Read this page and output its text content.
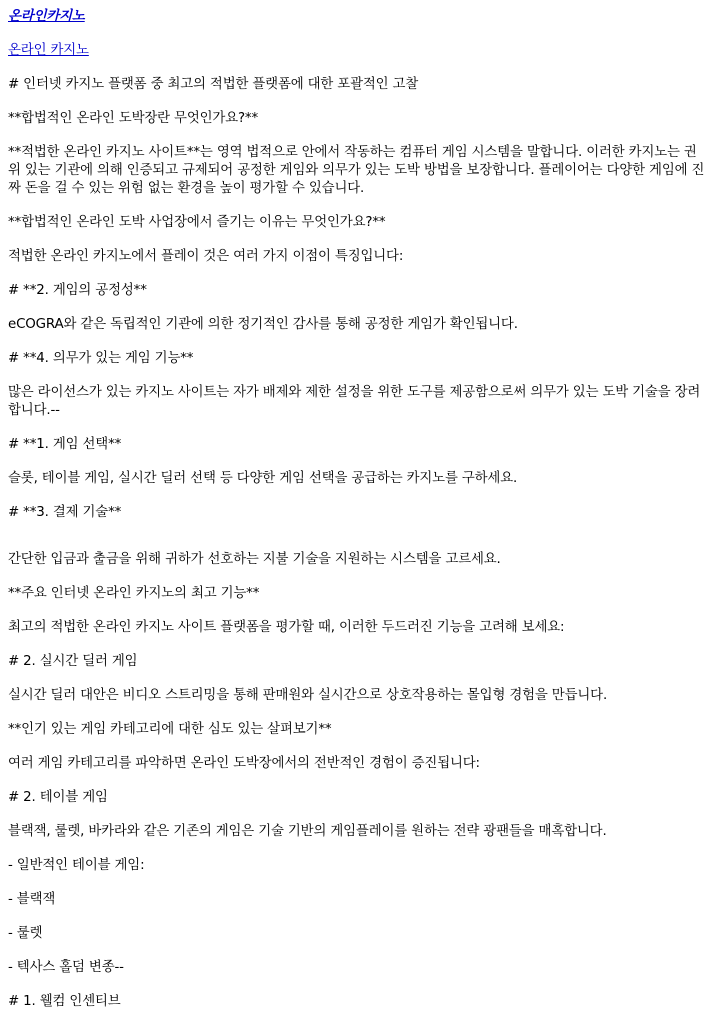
온라인카지노
온라인 카지노

# 인터넷 카지노 플랫폼 중 최고의 적법한 플랫폼에 대한 포괄적인 고찰

**합법적인 온라인 도박장란 무엇인가요?**

**적법한 온라인 카지노 사이트**는 영역 법적으로 안에서 작동하는 컴퓨터 게임 시스템을 말합니다. 이러한 카지노는 권위 있는 기관에 의해 인증되고 규제되어 공정한 게임와 의무가 있는 도박 방법을 보장합니다. 플레이어는 다양한 게임에 진짜 돈을 걸 수 있는 위험 없는 환경을 높이 평가할 수 있습니다.

**합법적인 온라인 도박 사업장에서 즐기는 이유는 무엇인가요?**

적법한 온라인 카지노에서 플레이 것은 여러 가지 이점이 특징입니다:

# **2. 게임의 공정성**

eCOGRA와 같은 독립적인 기관에 의한 정기적인 감사를 통해 공정한 게임가 확인됩니다.

# **4. 의무가 있는 게임 기능**

많은 라이선스가 있는 카지노 사이트는 자가 배제와 제한 설정을 위한 도구를 제공함으로써 의무가 있는 도박 기술을 장려합니다.--

# **1. 게임 선택**

슬롯, 테이블 게임, 실시간 딜러 선택 등 다양한 게임 선택을 공급하는 카지노를 구하세요.

# **3. 결제 기술**

간단한 입금과 출금을 위해 귀하가 선호하는 지불 기술을 지원하는 시스템을 고르세요.

**주요 인터넷 온라인 카지노의 최고 기능**

최고의 적법한 온라인 카지노 사이트 플랫폼을 평가할 때, 이러한 두드러진 기능을 고려해 보세요:

# 2. 실시간 딜러 게임

실시간 딜러 대안은 비디오 스트리밍을 통해 판매원와 실시간으로 상호작용하는 몰입형 경험을 만듭니다.

**인기 있는 게임 카테고리에 대한 심도 있는 살펴보기**

여러 게임 카테고리를 파악하면 온라인 도박장에서의 전반적인 경험이 증진됩니다:

# 2. 테이블 게임

블랙잭, 룰렛, 바카라와 같은 기존의 게임은 기술 기반의 게임플레이를 원하는 전략 광팬들을 매혹합니다.

- 일반적인 테이블 게임:

- 블랙잭

- 룰렛

- 텍사스 홀덤 변종--

# 1. 웰컴 인센티브
